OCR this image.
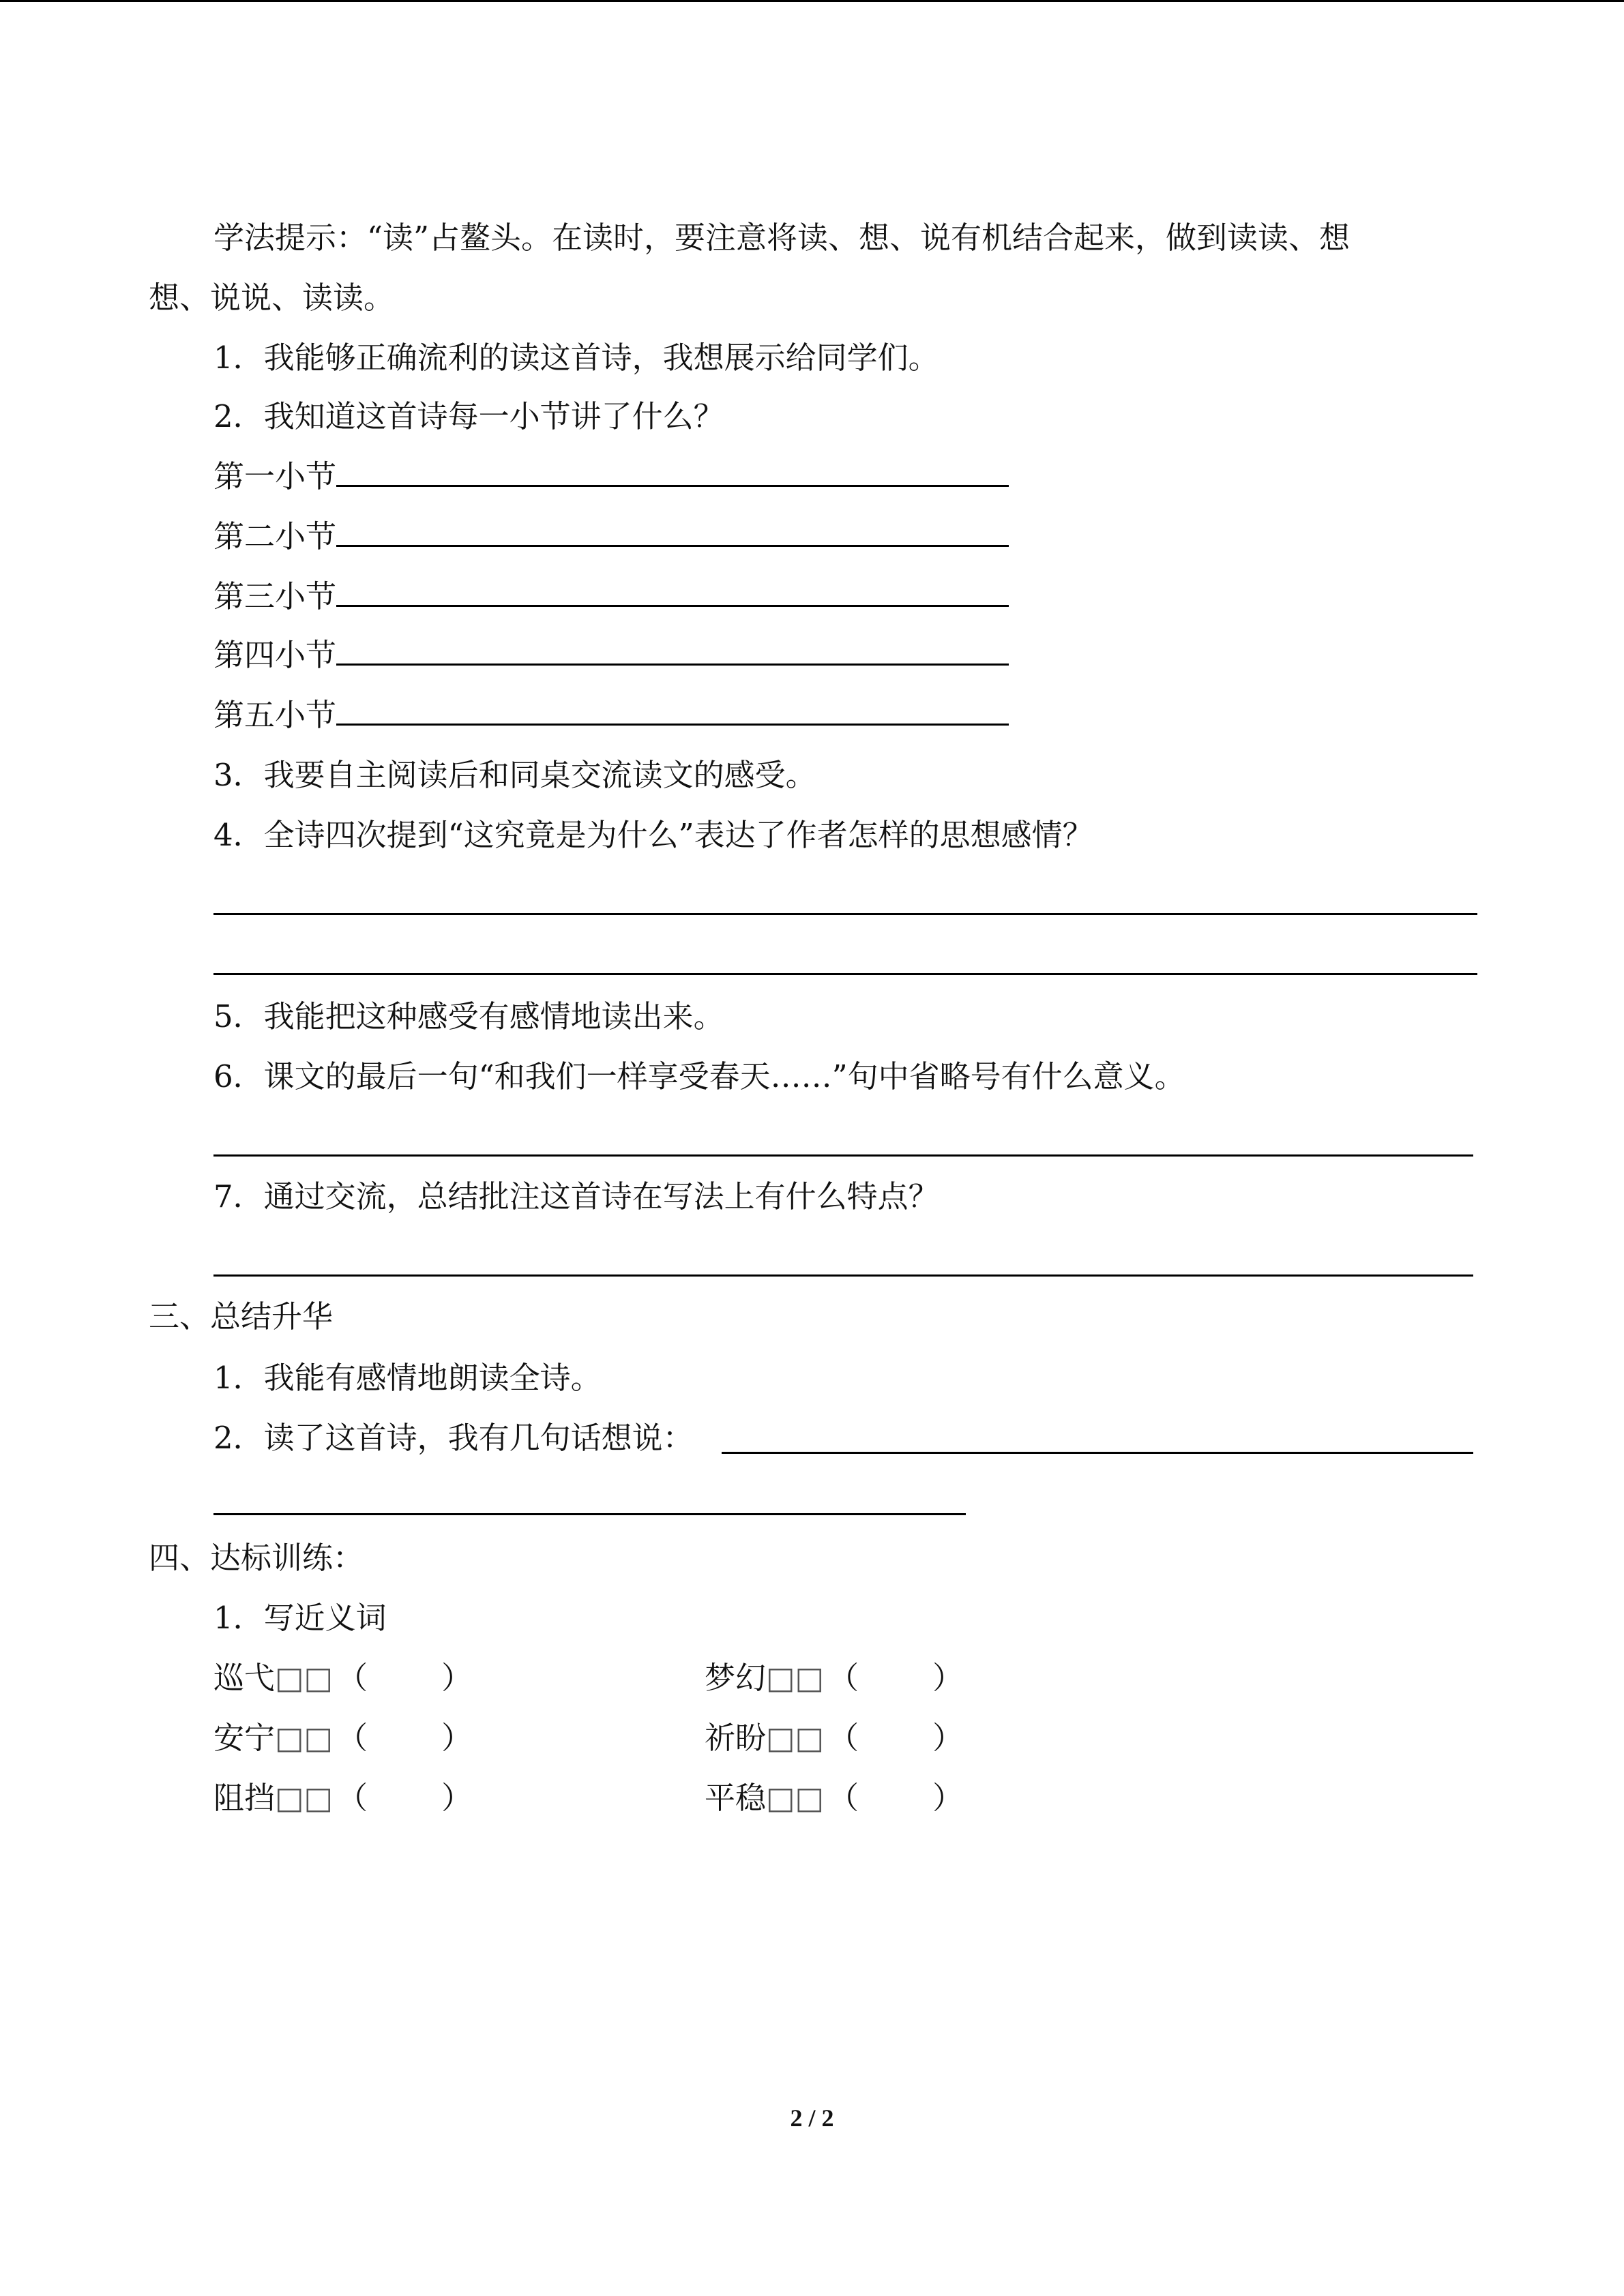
学法提示：“读”占鳌头。在读时，要注意将读、想、说有机结合起来，做到读读、想
想、说说、读读。
1．我能够正确流利的读这首诗，我想展示给同学们。
2．我知道这首诗每一小节讲了什么？
第一小节
第二小节
第三小节
第四小节
第五小节
3．我要自主阅读后和同桌交流读文的感受。
4．全诗四次提到“这究竟是为什么”表达了作者怎样的思想感情？
5．我能把这种感受有感情地读出来。
6．课文的最后一句“和我们一样享受春天……”句中省略号有什么意义。
7．通过交流，总结批注这首诗在写法上有什么特点？
三、总结升华
1．我能有感情地朗读全诗。
2．读了这首诗，我有几句话想说：
四、达标训练：
1．写近义词
巡弋□□ （ ）	梦幻□□ （ ）
安宁□□ （ ）	祈盼□□ （ ）
阻挡□□ （ ）	平稳□□ （ ）
2 / 2
